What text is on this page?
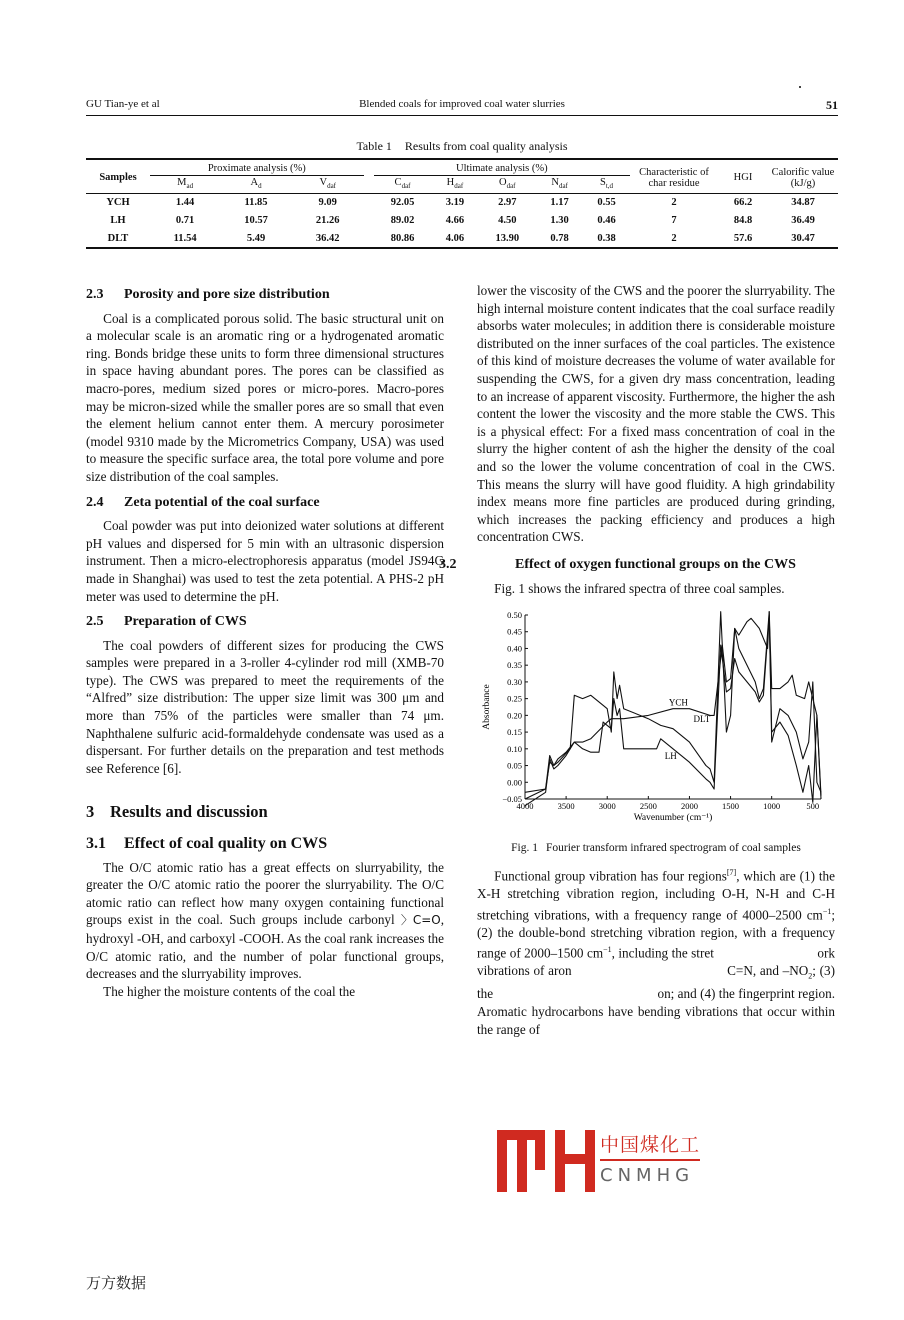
GU Tian-ye et al	Blended coals for improved coal water slurries	51
Table 1 Results from coal quality analysis
Samples	Proximate analysis (%)				Ultimate analysis (%)					Characteristic of char residue	HGI	Calorific value (kJ/g)
	$M_{ad}$	$A_d$	$V_{daf}$		$C_{daf}$	$H_{daf}$	$O_{daf}$	$N_{daf}$	$S_{t,d}$
YCH	1.44	11.85	9.09		92.05	3.19	2.97	1.17	0.55	2	66.2	34.87
LH	0.71	10.57	21.26		89.02	4.66	4.50	1.30	0.46	7	84.8	36.49
DLT	11.54	5.49	36.42		80.86	4.06	13.90	0.78	0.38	2	57.6	30.47
2.3 Porosity and pore size distribution

Coal is a complicated porous solid. The basic structural unit on a molecular scale is an aromatic ring or a hydrogenated aromatic ring. Bonds bridge these units to form three dimensional structures in space having abundant pores. The pores can be classified as macro-pores, medium sized pores or micro-pores. Macro-pores may be micron-sized while the smaller pores are so small that even the element helium cannot enter them. A mercury porosimeter (model 9310 made by the Micrometrics Company, USA) was used to measure the specific surface area, the total pore volume and pore size distribution of the coal samples.

2.4 Zeta potential of the coal surface

Coal powder was put into deionized water solutions at different pH values and dispersed for 5 min with an ultrasonic dispersion instrument. Then a micro-electrophoresis apparatus (model JS94G made in Shanghai) was used to test the zeta potential. A PHS-2 pH meter was used to determine the pH.

2.5 Preparation of CWS

The coal powders of different sizes for producing the CWS samples were prepared in a 3-roller 4-cylinder rod mill (XMB-70 type). The CWS was prepared to meet the requirements of the “Alfred” size distribution: The upper size limit was 300 μm and more than 75% of the particles were smaller than 74 μm. Naphthalene sulfuric acid-formaldehyde condensate was used as a dispersant. For further details on the preparation and test methods see Reference [6].

3 Results and discussion
3.1 Effect of coal quality on CWS

The O/C atomic ratio has a great effects on slurryability, the greater the O/C atomic ratio the poorer the slurryability. The O/C atomic ratio can reflect how many oxygen containing functional groups exist in the coal. Such groups include carbonyl 〉C=O, hydroxyl -OH, and carboxyl -COOH. As the coal rank increases the O/C atomic ratio, and the number of polar functional groups, decreases and the slurryability improves.

The higher the moisture contents of the coal the

lower the viscosity of the CWS and the poorer the slurryability. The high internal moisture content indicates that the coal surface readily absorbs water molecules; in addition there is considerable moisture distributed on the inner surfaces of the coal particles. The existence of this kind of moisture decreases the volume of water available for suspending the CWS, for a given dry mass concentration, leading to an increase of apparent viscosity. Furthermore, the higher the ash content the lower the viscosity and the more stable the CWS. This is a physical effect: For a fixed mass concentration of coal in the slurry the higher content of ash the higher the density of the coal and so the lower the volume concentration of coal in the CWS. This means the slurry will have good fluidity. A high grindability index means more fine particles are produced during grinding, which increases the packing efficiency and produces a high concentration CWS.

3.2	Effect of oxygen functional groups on the CWS

Fig. 1 shows the infrared spectra of three coal samples.

0.50
0.45
0.40
0.35
0.30
0.25
0.20
0.15
0.10
0.05
0.00
−0.05
4000	3500	3000	2500	2000	1500	1000	500
Wavenumber (cm⁻¹)
Absorbance	YCH
DLT
LH
Fig. 1 Fourier transform infrared spectrogram of coal samples

Functional group vibration has four regions[7], which are (1) the X-H stretching vibration region, including O-H, N-H and C-H stretching vibrations, with a frequency range of 4000–2500 $cm^{-1}$; (2) the double-bond stretching vibration region, with a frequency range of 2000–1500 $cm^{-1}$, including the stret	ork vibrations of aron	C=N, and $-NO_2$; (3) the	on; and (4) the fingerprint region. Aromatic hydrocarbons have bending vibrations that occur within the range of

中国煤化工
CNMHG
万方数据
